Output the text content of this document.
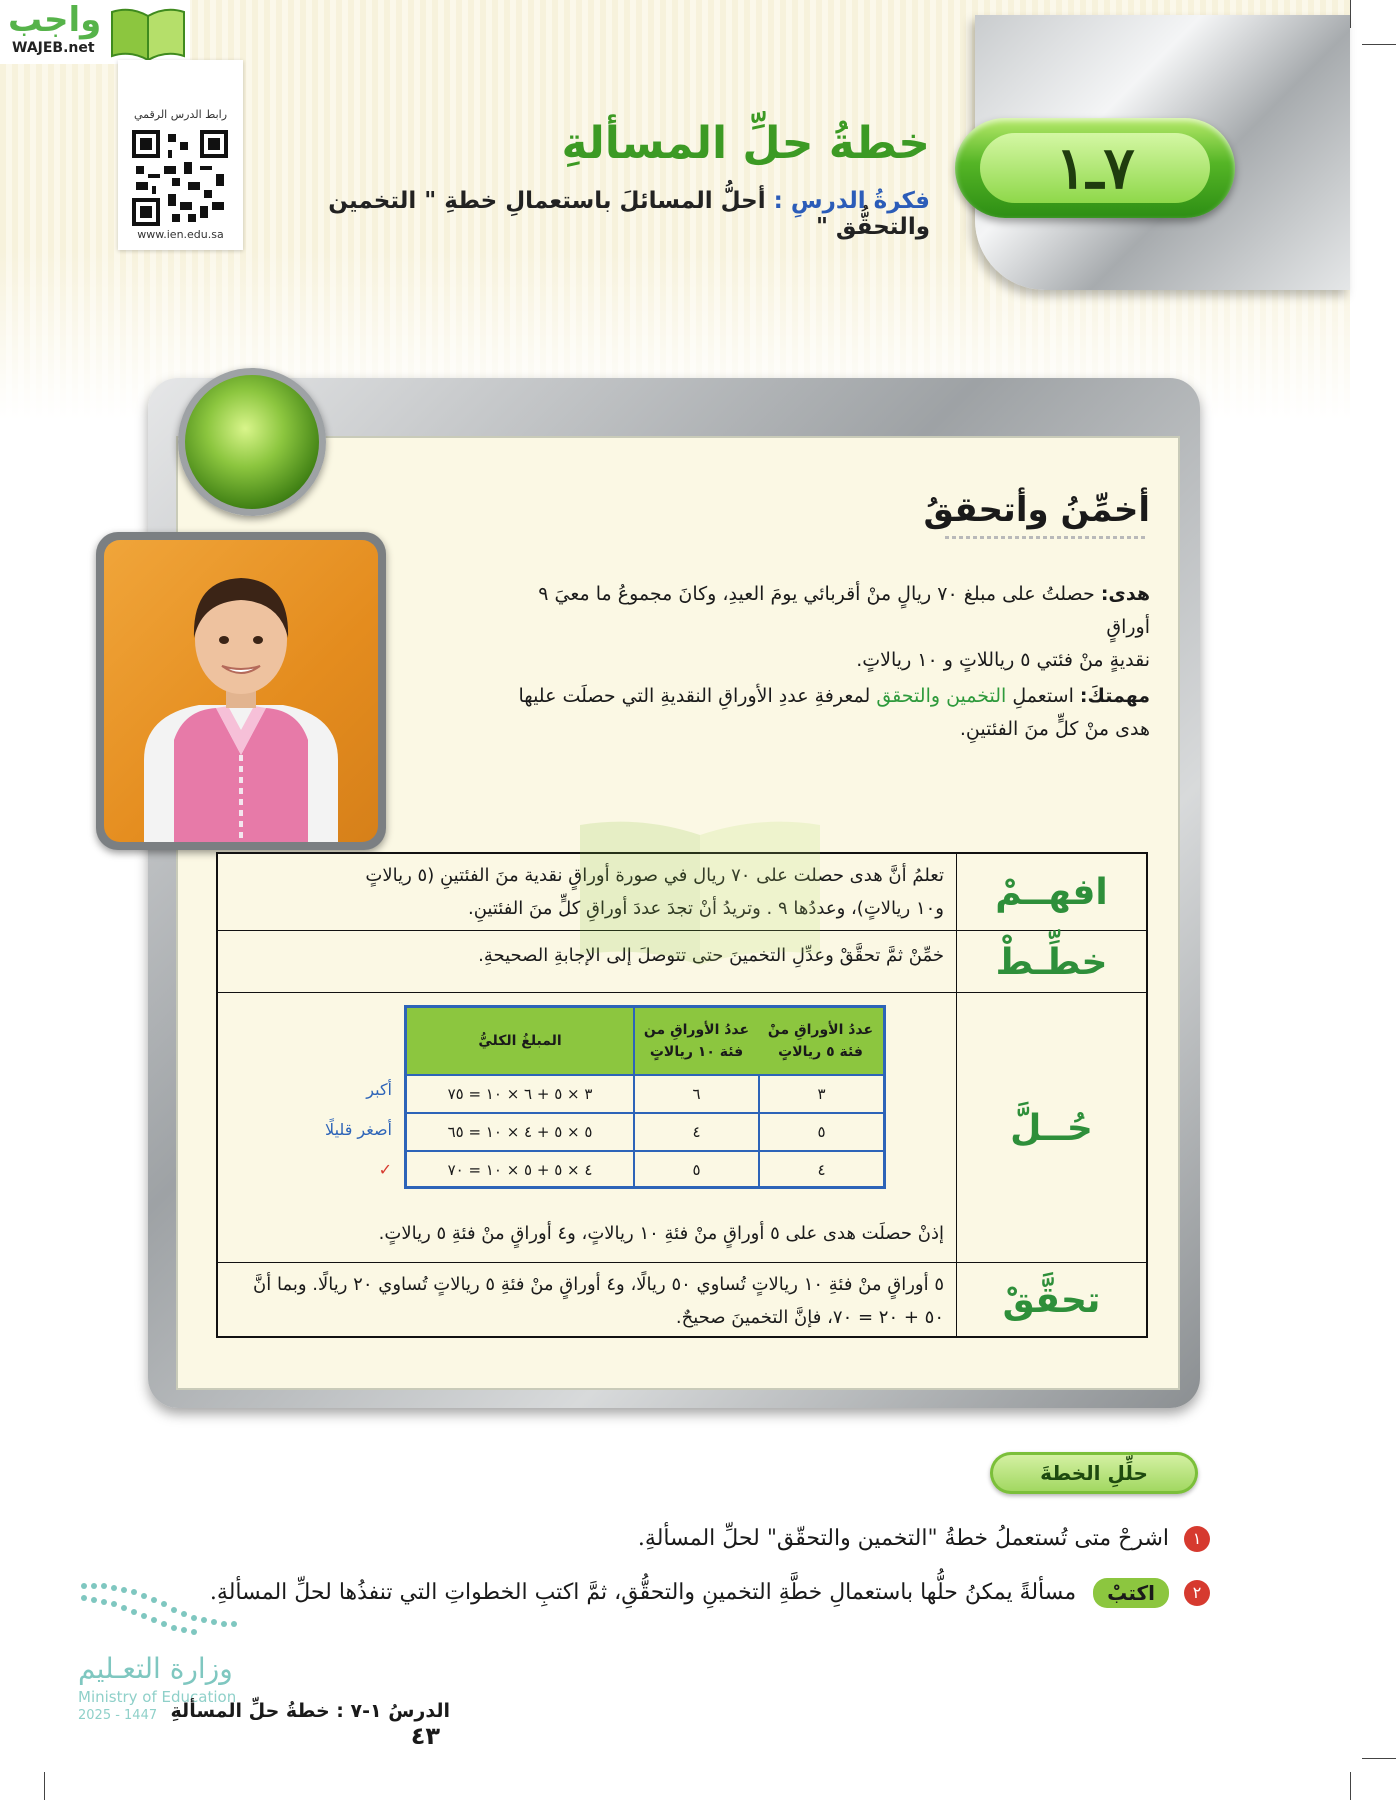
٧ـ١
خطةُ حلِّ المسألةِ
فكرةُ الدرسِ : أحلُّ المسائلَ باستعمالِ خطةِ " التخمين والتحقُّق "
واجب
WAJEB.net
رابط الدرس الرقمي
www.ien.edu.sa
أخمِّنُ وأتحققُ
هدى: حصلتُ على مبلغ ٧٠ ريالٍ منْ أقربائي يومَ العيدِ، وكانَ مجموعُ ما معيَ ٩ أوراقٍ
نقديةٍ منْ فئتي ٥ رياللاتٍ و ١٠ ريالاتٍ.
مهمتكَ: استعملِ التخمين والتحقق لمعرفةِ عددِ الأوراقِ النقديةِ التي حصلَت عليها
هدى منْ كلٍّ منَ الفئتينِ.
افهــمْ
تعلمُ أنَّ هدى حصلت على ٧٠ ريال في صورة أوراقٍ نقدية منَ الفئتينِ (٥ ريالاتٍ
و١٠ ريالاتٍ)، وعددُها ٩ . وتريدُ أنْ تجدَ عددَ أوراقِ كلٍّ منَ الفئتينِ.
خطِّـطْ
خمِّنْ ثمَّ تحقَّقْ وعدِّلِ التخمينَ حتى تتوصلَ إلى الإجابةِ الصحيحةِ.
حُــلَّ
إذنْ حصلَت هدى على ٥ أوراقٍ منْ فئةِ ١٠ ريالاتٍ، و٤ أوراقٍ منْ فئةِ ٥ ريالاتٍ.
تحقَّقْ
٥ أوراقٍ منْ فئةِ ١٠ ريالاتٍ تُساوي ٥٠ ريالًا، و٤ أوراقٍ منْ فئةِ ٥ ريالاتٍ تُساوي ٢٠ ريالًا. وبما أنَّ
٥٠ + ٢٠ = ٧٠، فإنَّ التخمينَ صحيحٌ.
عددُ الأوراقِ منْ فئة ٥ ريالاتٍ
عددُ الأوراقِ من فئة ١٠ ريالاتٍ
المبلغُ الكليُّ
٣
٦
٣ × ٥ + ٦ × ١٠ = ٧٥
٥
٤
٥ × ٥ + ٤ × ١٠ = ٦٥
٤
٥
٤ × ٥ + ٥ × ١٠ = ٧٠
أكبر
أصغر قليلًا
✓
حلِّلِ الخطةَ
١ اشرحْ متى تُستعملُ خطةُ "التخمين والتحقّق" لحلِّ المسألةِ.
٢ اكتبْ مسألةً يمكنُ حلُّها باستعمالِ خطَّةِ التخمينِ والتحقُّقِ، ثمَّ اكتبِ الخطواتِ التي تنفذُها لحلِّ المسألةِ.
وزارة التعـليم
Ministry of Education
2025 - 1447 الدرسُ ١-٧ : خطةُ حلِّ المسألةِ ٤٣
